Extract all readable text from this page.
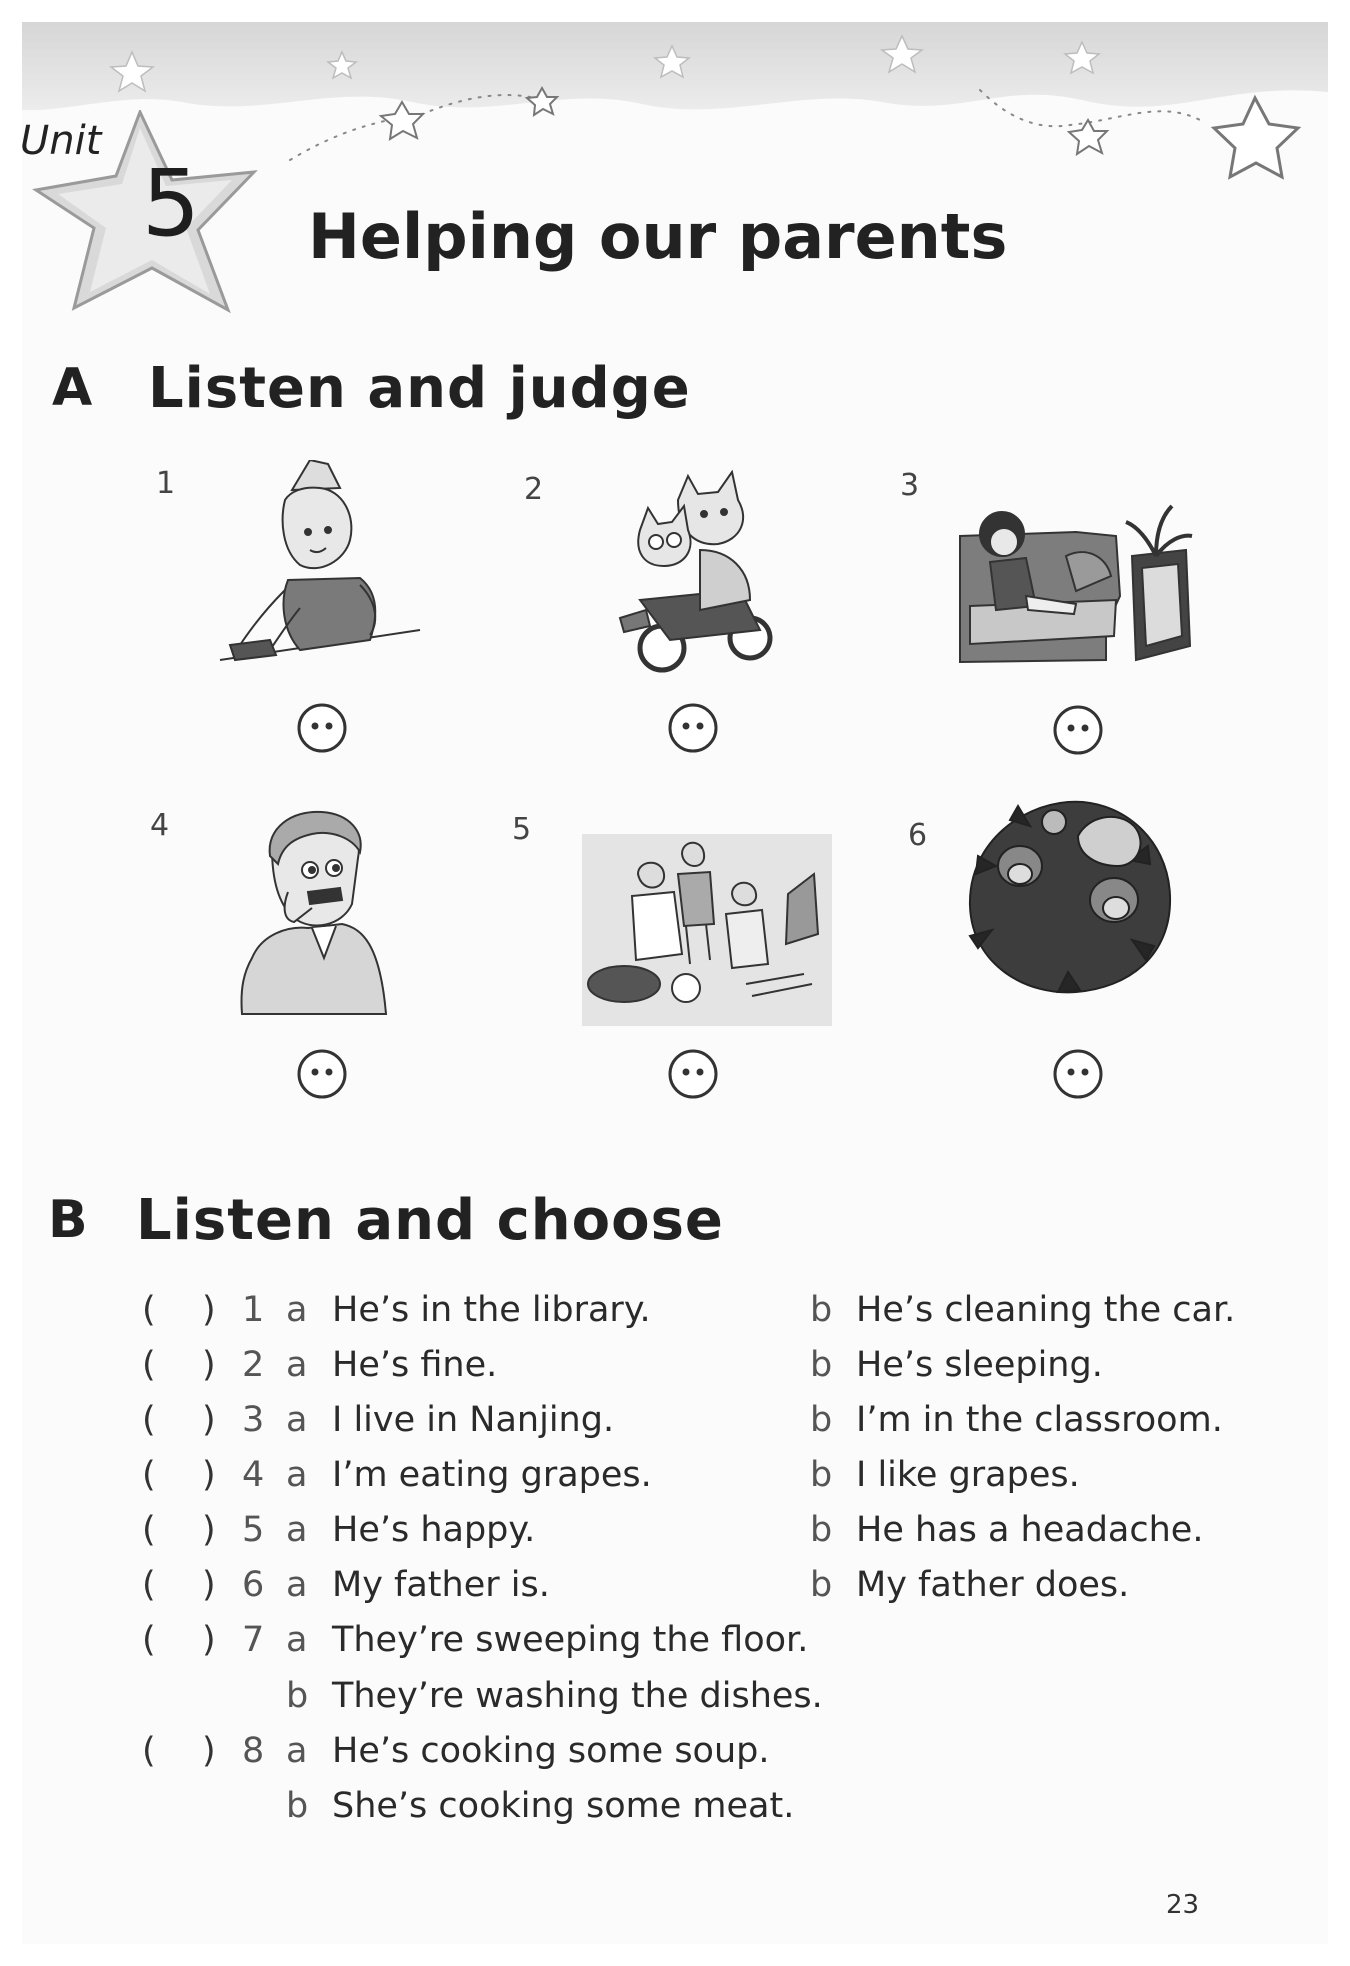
Unit
5 Helping our parents
A Listen and judge
1	2	3
4	5	6
B Listen and choose
( ) 1 a He’s in the library.	b He’s cleaning the car.
( ) 2 a He’s fine.	b He’s sleeping.
( ) 3 a I live in Nanjing.	b I’m in the classroom.
( ) 4 a I’m eating grapes.	b I like grapes.
( ) 5 a He’s happy.	b He has a headache.
( ) 6 a My father is.	b My father does.
( ) 7 a They’re sweeping the floor.
b They’re washing the dishes.
( ) 8 a He’s cooking some soup.
b She’s cooking some meat.
23
